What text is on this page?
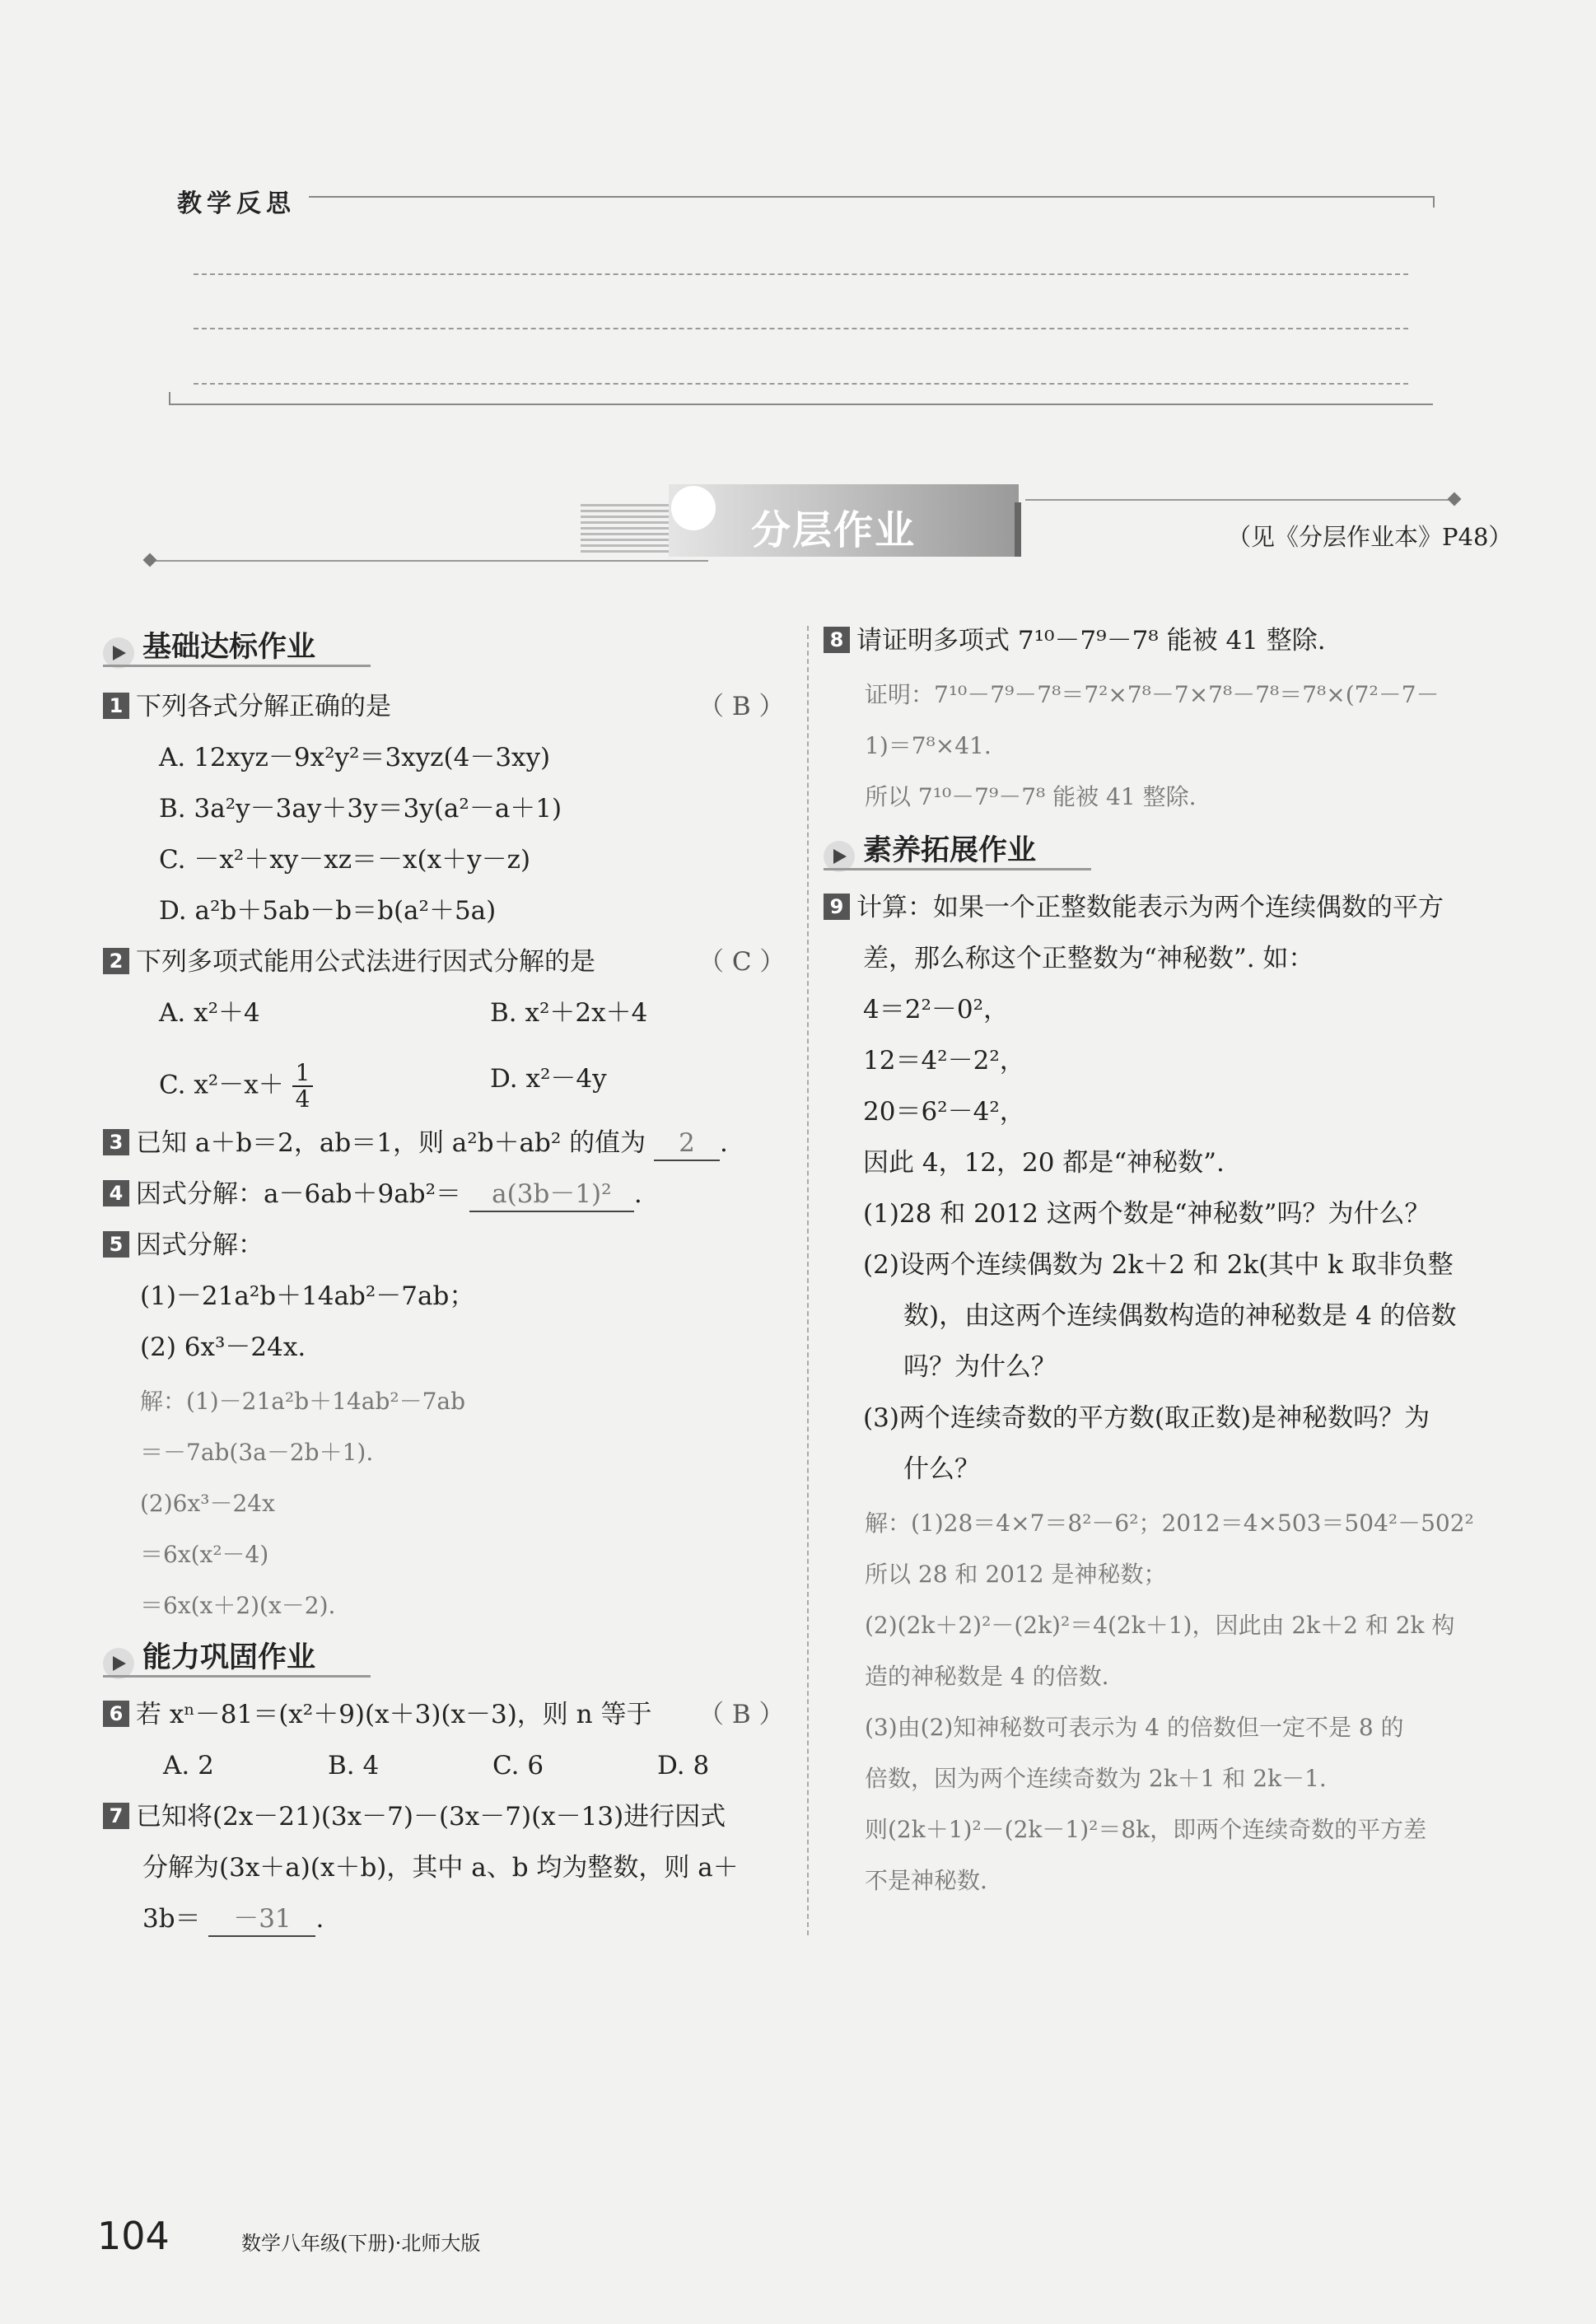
教学反思
分层作业	（见《分层作业本》P48）
基础达标作业
1 下列各式分解正确的是	（ B ）
A. 12xyz－9x²y²＝3xyz(4－3xy)
B. 3a²y－3ay＋3y＝3y(a²－a＋1)
C. －x²＋xy－xz＝－x(x＋y－z)
D. a²b＋5ab－b＝b(a²＋5a)
2 下列多项式能用公式法进行因式分解的是	（ C ）
A. x²＋4	B. x²＋2x＋4
C. $x^2-x+ \frac{1}{4}$	D. x²－4y
3 已知 a＋b＝2，ab＝1，则 a²b＋ab² 的值为 2 .
4 因式分解：a－6ab＋9ab²＝ a(3b－1)² .
5 因式分解：
(1)－21a²b＋14ab²－7ab；
(2) 6x³－24x.
解：(1)－21a²b＋14ab²－7ab
＝－7ab(3a－2b＋1).
(2)6x³－24x
＝6x(x²－4)
＝6x(x＋2)(x－2).
能力巩固作业
6 若 xⁿ－81＝(x²＋9)(x＋3)(x－3)，则 n 等于 （ B ）
A. 2	B. 4	C. 6	D. 8
7 已知将(2x－21)(3x－7)－(3x－7)(x－13)进行因式
分解为(3x＋a)(x＋b)，其中 a、b 均为整数，则 a＋
3b＝ －31 .
8 请证明多项式 7¹⁰－7⁹－7⁸ 能被 41 整除.
证明：7¹⁰－7⁹－7⁸＝7²×7⁸－7×7⁸－7⁸＝7⁸×(7²－7－
1)＝7⁸×41.
所以 7¹⁰－7⁹－7⁸ 能被 41 整除.
素养拓展作业
9 计算：如果一个正整数能表示为两个连续偶数的平方
差，那么称这个正整数为“神秘数”. 如：
4＝2²－0²，
12＝4²－2²，
20＝6²－4²，
因此 4，12，20 都是“神秘数”.
(1)28 和 2012 这两个数是“神秘数”吗？为什么？
(2)设两个连续偶数为 2k＋2 和 2k(其中 k 取非负整
数)，由这两个连续偶数构造的神秘数是 4 的倍数
吗？为什么？
(3)两个连续奇数的平方数(取正数)是神秘数吗？为
什么？
解：(1)28＝4×7＝8²－6²；2012＝4×503＝504²－502²
所以 28 和 2012 是神秘数；
(2)(2k＋2)²－(2k)²＝4(2k＋1)，因此由 2k＋2 和 2k 构
造的神秘数是 4 的倍数.
(3)由(2)知神秘数可表示为 4 的倍数但一定不是 8 的
倍数，因为两个连续奇数为 2k＋1 和 2k－1.
则(2k＋1)²－(2k－1)²＝8k，即两个连续奇数的平方差
不是神秘数.
104	数学八年级(下册)·北师大版
